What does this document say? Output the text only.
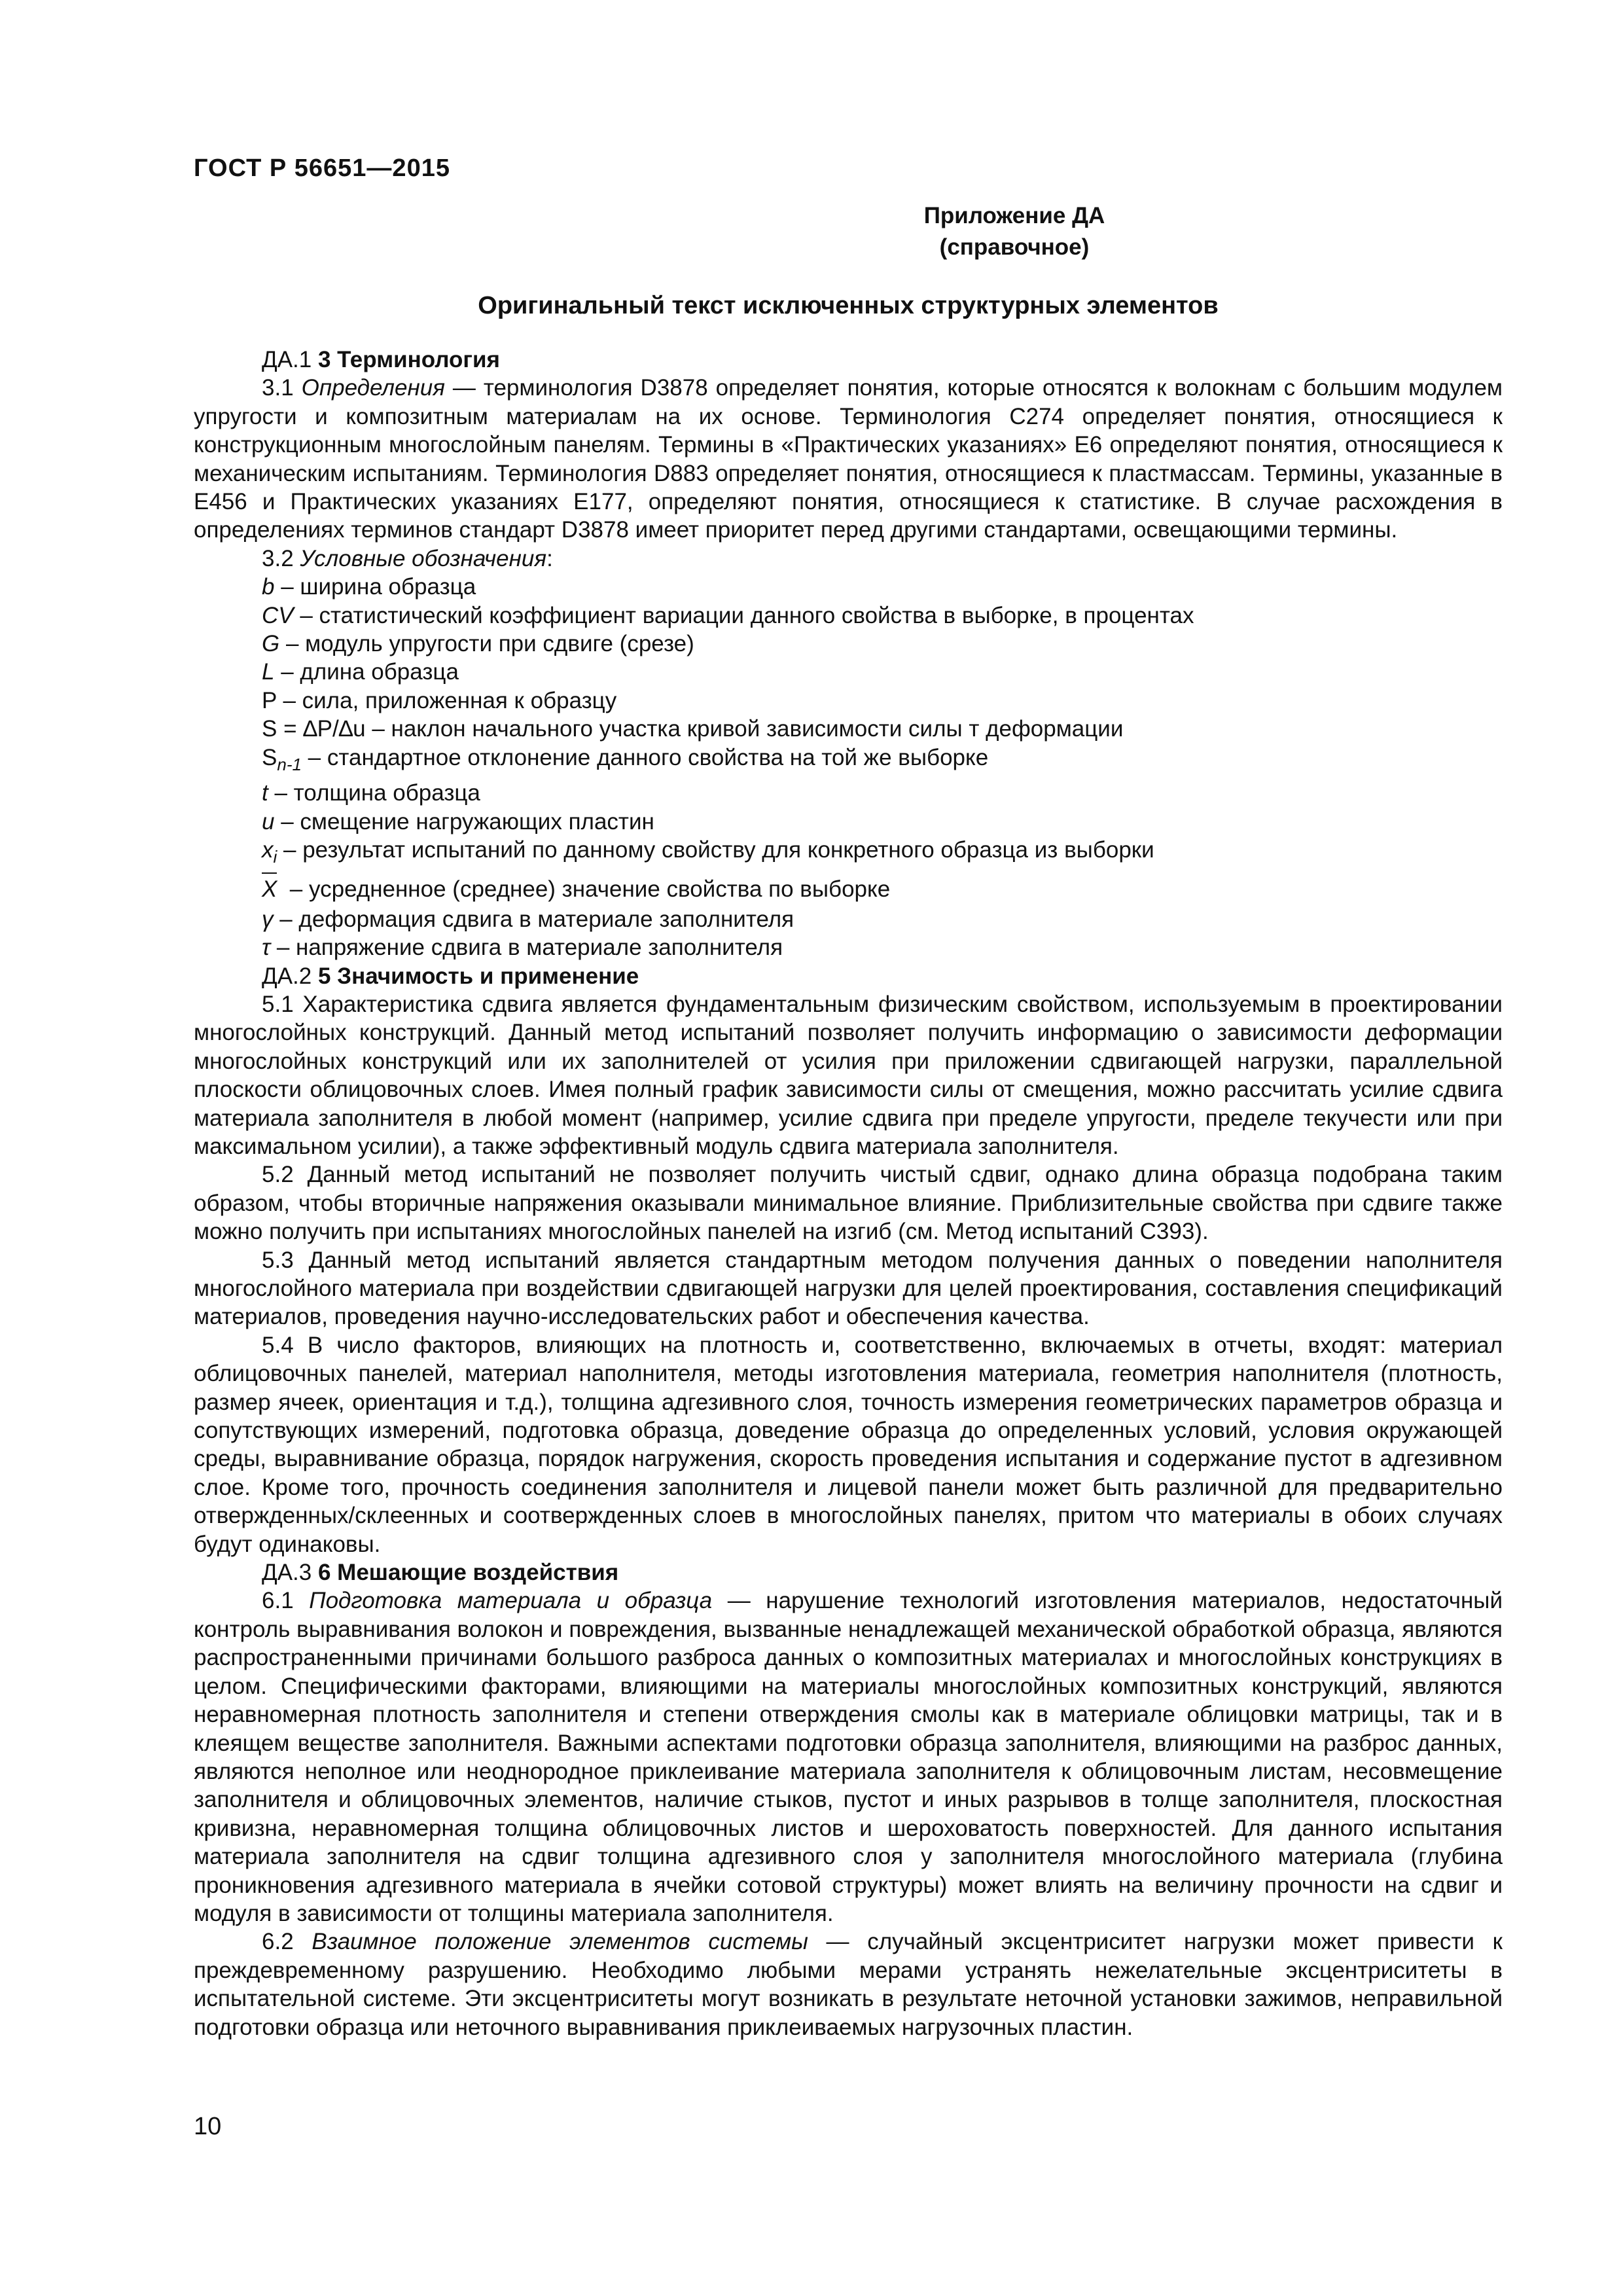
ГОСТ Р 56651—2015
Приложение ДА
(справочное)
Оригинальный текст исключенных структурных элементов

ДА.1 3 Терминология

3.1 Определения — терминология D3878 определяет понятия, которые относятся к волокнам с большим модулем упругости и композитным материалам на их основе. Терминология C274 определяет понятия, относящиеся к конструкционным многослойным панелям. Термины в «Практических указаниях» E6 определяют понятия, относящиеся к механическим испытаниям. Терминология D883 определяет понятия, относящиеся к пластмассам. Термины, указанные в E456 и Практических указаниях E177, определяют понятия, относящиеся к статистике. В случае расхождения в определениях терминов стандарт D3878 имеет приоритет перед другими стандартами, освещающими термины.

3.2 Условные обозначения:

b – ширина образца

CV – статистический коэффициент вариации данного свойства в выборке, в процентах

G – модуль упругости при сдвиге (срезе)

L – длина образца

P – сила, приложенная к образцу

S = ∆P/∆u – наклон начального участка кривой зависимости силы т деформации

$S_{n-1}$ – стандартное отклонение данного свойства на той же выборке

t – толщина образца

u – смещение нагружающих пластин

$x_i$ – результат испытаний по данному свойству для конкретного образца из выборки

X  – усредненное (среднее) значение свойства по выборке

γ – деформация сдвига в материале заполнителя

τ – напряжение сдвига в материале заполнителя

ДА.2 5 Значимость и применение

5.1 Характеристика сдвига является фундаментальным физическим свойством, используемым в проектировании многослойных конструкций. Данный метод испытаний позволяет получить информацию о зависимости деформации многослойных конструкций или их заполнителей от усилия при приложении сдвигающей нагрузки, параллельной плоскости облицовочных слоев. Имея полный график зависимости силы от смещения, можно рассчитать усилие сдвига материала заполнителя в любой момент (например, усилие сдвига при пределе упругости, пределе текучести или при максимальном усилии), а также эффективный модуль сдвига материала заполнителя.

5.2 Данный метод испытаний не позволяет получить чистый сдвиг, однако длина образца подобрана таким образом, чтобы вторичные напряжения оказывали минимальное влияние. Приблизительные свойства при сдвиге также можно получить при испытаниях многослойных панелей на изгиб (см. Метод испытаний C393).

5.3 Данный метод испытаний является стандартным методом получения данных о поведении наполнителя многослойного материала при воздействии сдвигающей нагрузки для целей проектирования, составления спецификаций материалов, проведения научно-исследовательских работ и обеспечения качества.

5.4 В число факторов, влияющих на плотность и, соответственно, включаемых в отчеты, входят: материал облицовочных панелей, материал наполнителя, методы изготовления материала, геометрия наполнителя (плотность, размер ячеек, ориентация и т.д.), толщина адгезивного слоя, точность измерения геометрических параметров образца и сопутствующих измерений, подготовка образца, доведение образца до определенных условий, условия окружающей среды, выравнивание образца, порядок нагружения, скорость проведения испытания и содержание пустот в адгезивном слое. Кроме того, прочность соединения заполнителя и лицевой панели может быть различной для предварительно отвержденных/склеенных и соотвержденных слоев в многослойных панелях, притом что материалы в обоих случаях будут одинаковы.

ДА.3 6 Мешающие воздействия

6.1 Подготовка материала и образца — нарушение технологий изготовления материалов, недостаточный контроль выравнивания волокон и повреждения, вызванные ненадлежащей механической обработкой образца, являются распространенными причинами большого разброса данных о композитных материалах и многослойных конструкциях в целом. Специфическими факторами, влияющими на материалы многослойных композитных конструкций, являются неравномерная плотность заполнителя и степени отверждения смолы как в материале облицовки матрицы, так и в клеящем веществе заполнителя. Важными аспектами подготовки образца заполнителя, влияющими на разброс данных, являются неполное или неоднородное приклеивание материала заполнителя к облицовочным листам, несовмещение заполнителя и облицовочных элементов, наличие стыков, пустот и иных разрывов в толще заполнителя, плоскостная кривизна, неравномерная толщина облицовочных листов и шероховатость поверхностей. Для данного испытания материала заполнителя на сдвиг толщина адгезивного слоя у заполнителя многослойного материала (глубина проникновения адгезивного материала в ячейки сотовой структуры) может влиять на величину прочности на сдвиг и модуля в зависимости от толщины материала заполнителя.

6.2 Взаимное положение элементов системы — случайный эксцентриситет нагрузки может привести к преждевременному разрушению. Необходимо любыми мерами устранять нежелательные эксцентриситеты в испытательной системе. Эти эксцентриситеты могут возникать в результате неточной установки зажимов, неправильной подготовки образца или неточного выравнивания приклеиваемых нагрузочных пластин.

10
